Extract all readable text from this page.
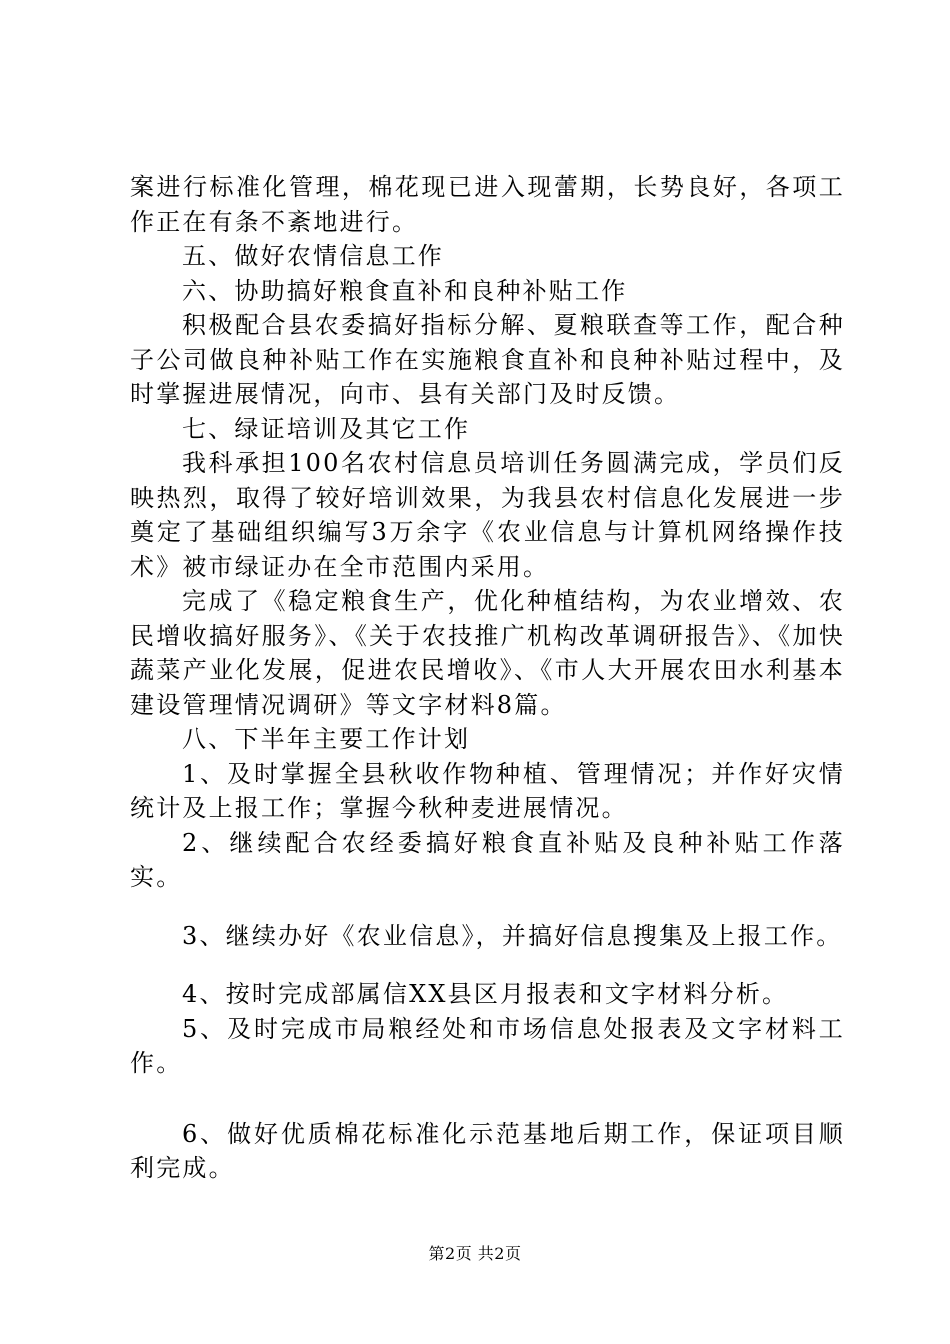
案进行标准化管理，棉花现已进入现蕾期，长势良好，各项工作正在有条不紊地进行。

五、做好农情信息工作

六、协助搞好粮食直补和良种补贴工作

积极配合县农委搞好指标分解、夏粮联查等工作，配合种子公司做良种补贴工作在实施粮食直补和良种补贴过程中，及时掌握进展情况，向市、县有关部门及时反馈。

七、绿证培训及其它工作

我科承担100名农村信息员培训任务圆满完成，学员们反映热烈，取得了较好培训效果，为我县农村信息化发展进一步奠定了基础组织编写3万余字《农业信息与计算机网络操作技术》被市绿证办在全市范围内采用。

完成了《稳定粮食生产，优化种植结构，为农业增效、农民增收搞好服务》、《关于农技推广机构改革调研报告》、《加快蔬菜产业化发展，促进农民增收》、《市人大开展农田水利基本建设管理情况调研》等文字材料8篇。

八、下半年主要工作计划

1、及时掌握全县秋收作物种植、管理情况；并作好灾情统计及上报工作；掌握今秋种麦进展情况。

2、继续配合农经委搞好粮食直补贴及良种补贴工作落实。

3、继续办好《农业信息》，并搞好信息搜集及上报工作。

4、按时完成部属信XX县区月报表和文字材料分析。

5、及时完成市局粮经处和市场信息处报表及文字材料工作。

6、做好优质棉花标准化示范基地后期工作，保证项目顺利完成。

第2页 共2页
